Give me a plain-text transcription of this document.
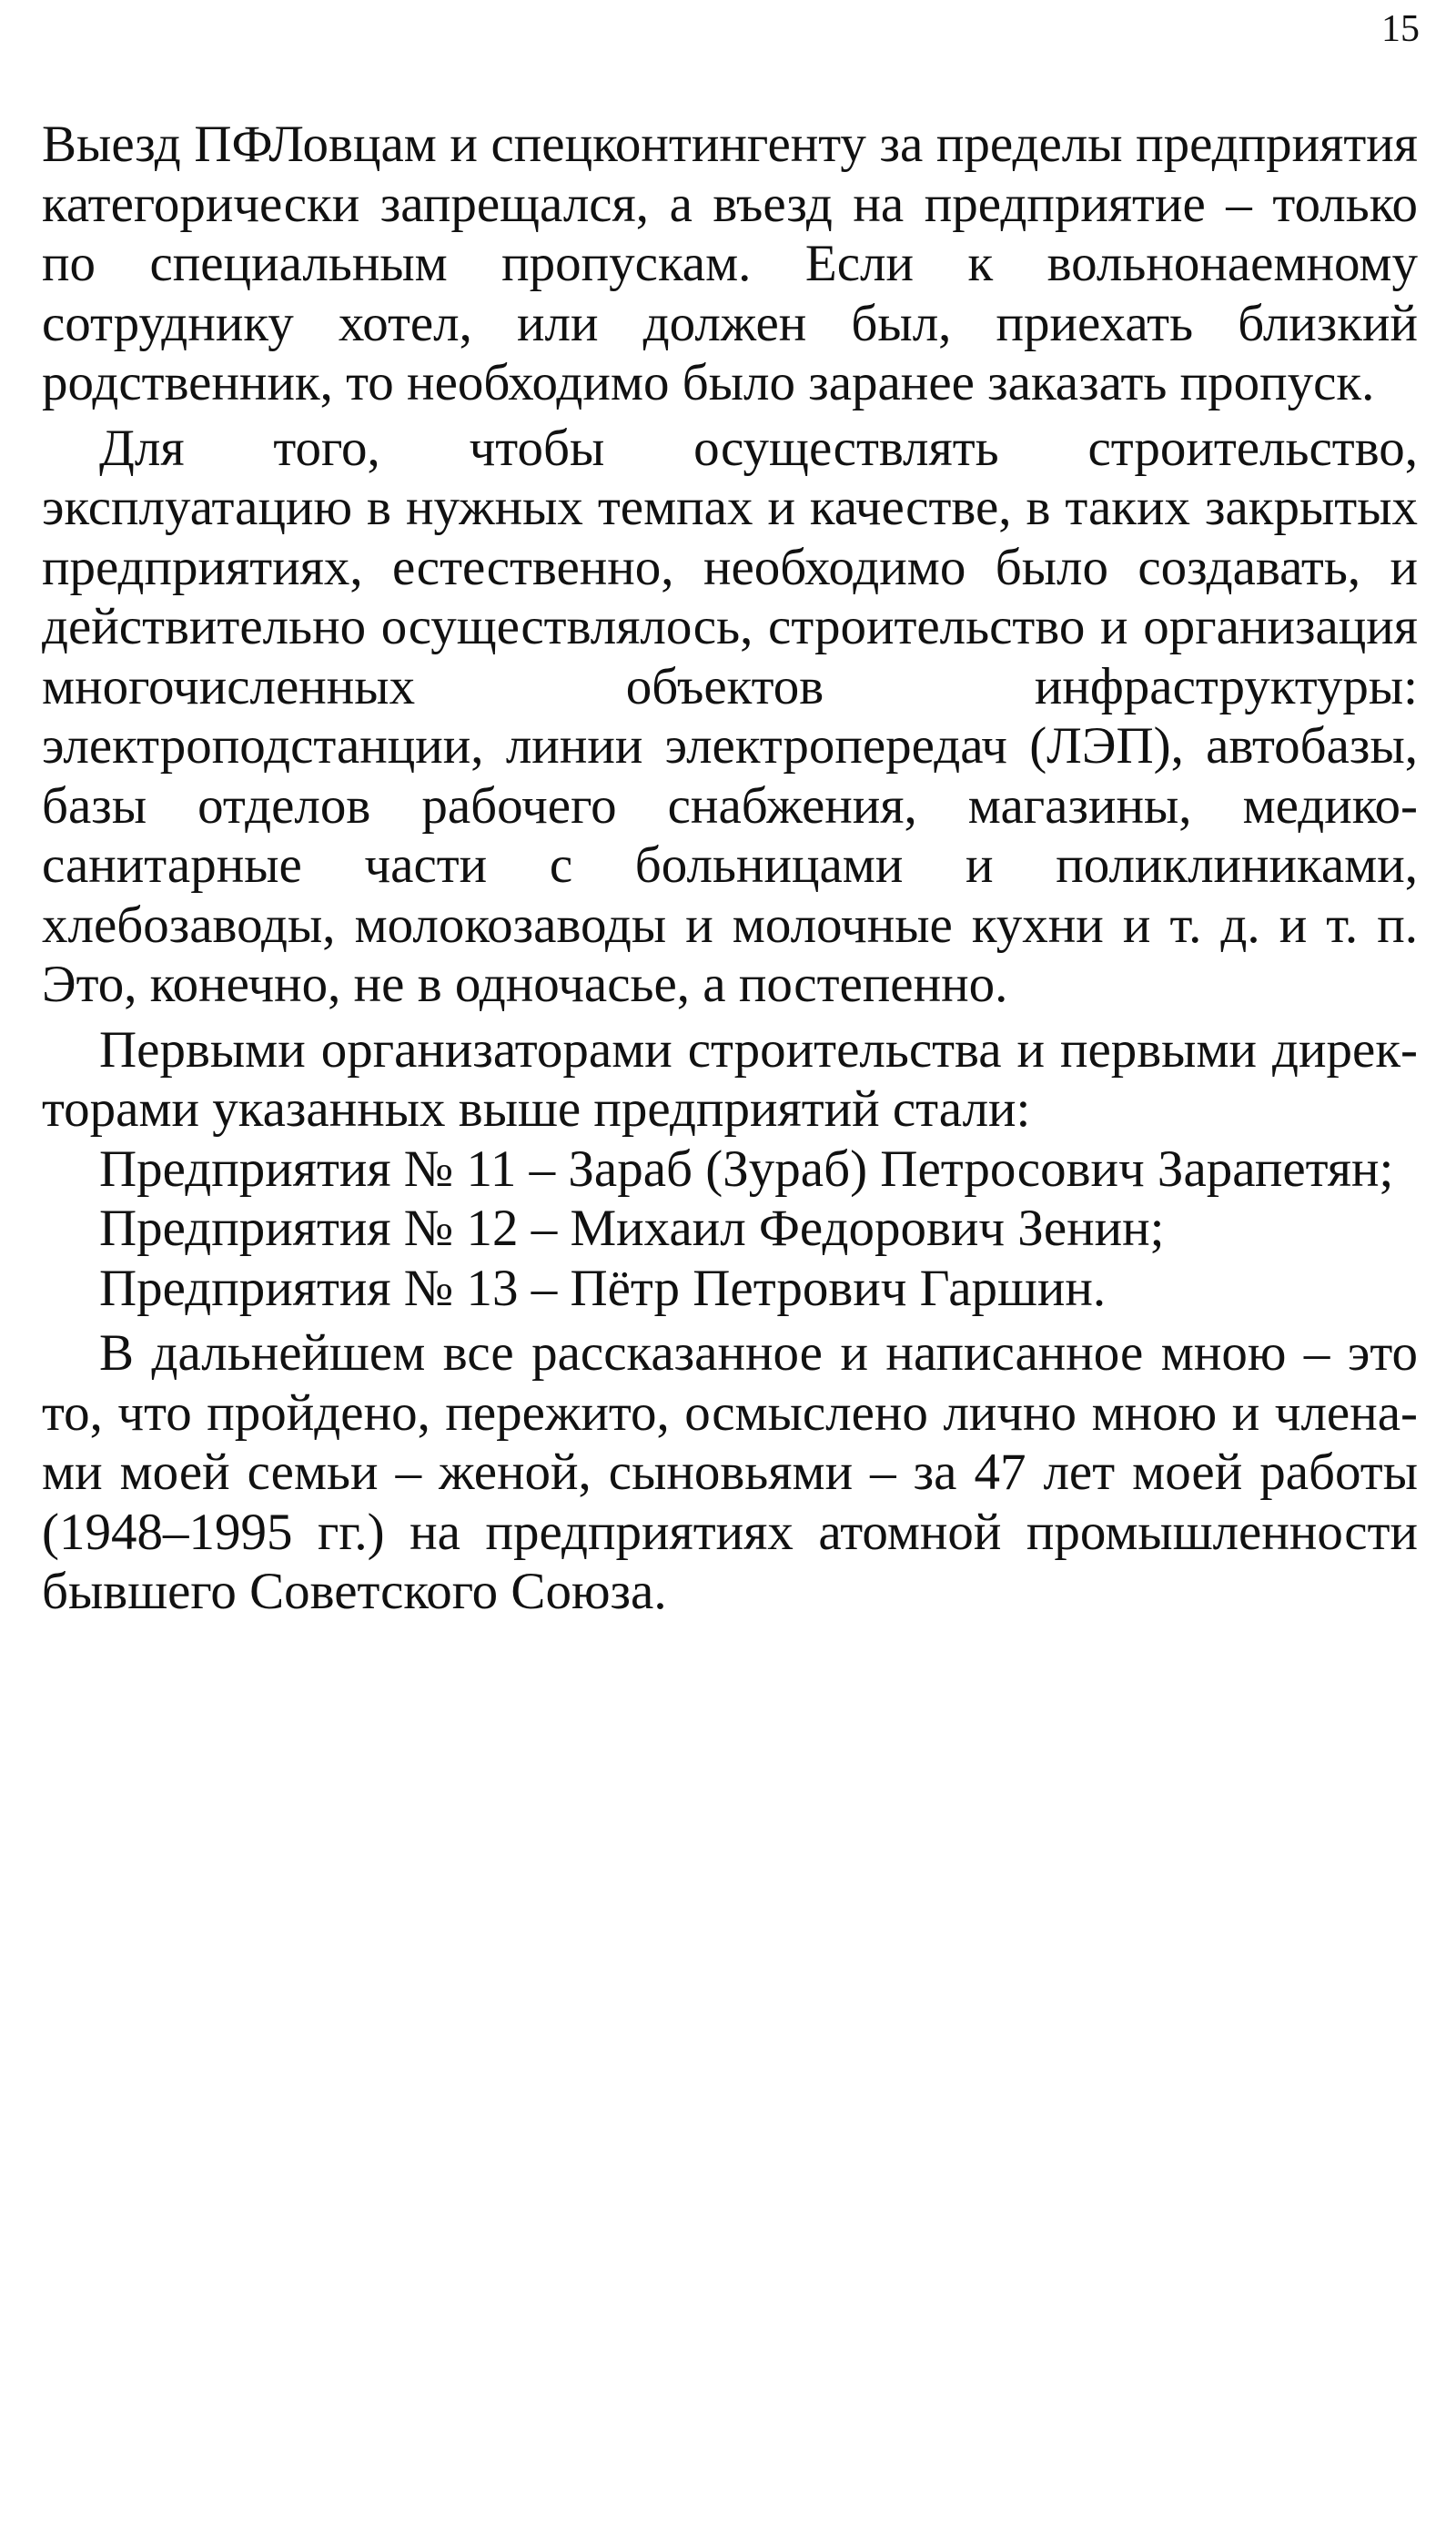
15

Выезд ПФЛовцам и спецконтингенту за пределы предприятия категорически запрещался, а въезд на предприятие – только по специальным пропускам. Если к вольнонаемному сотруднику хотел, или должен был, приехать близкий родственник, то необходимо было заранее заказать пропуск.

Для того, чтобы осуществлять строительство, эксплуатацию в нужных темпах и качестве, в таких закрытых предприятиях, естественно, необходимо было создавать, и действительно осуществлялось, строительство и организация многочисленных объектов инфраструктуры: электроподстанции, линии электропередач (ЛЭП), автобазы, базы отделов рабочего снабжения, магазины, медико-санитарные части с больницами и поликлиниками, хлебозаводы, молокозаводы и молочные кухни и т. д. и т. п. Это, конечно, не в одночасье, а постепенно.

Первыми организаторами строительства и первыми директорами указанных выше предприятий стали:

Предприятия № 11 – Зараб (Зураб) Петросович Зарапетян;
Предприятия № 12 – Михаил Федорович Зенин;
Предприятия № 13 – Пётр Петрович Гаршин.

В дальнейшем все рассказанное и написанное мною – это то, что пройдено, пережито, осмыслено лично мною и членами моей семьи – женой, сыновьями – за 47 лет моей работы (1948–1995 гг.) на предприятиях атомной промышленности бывшего Советского Союза.
